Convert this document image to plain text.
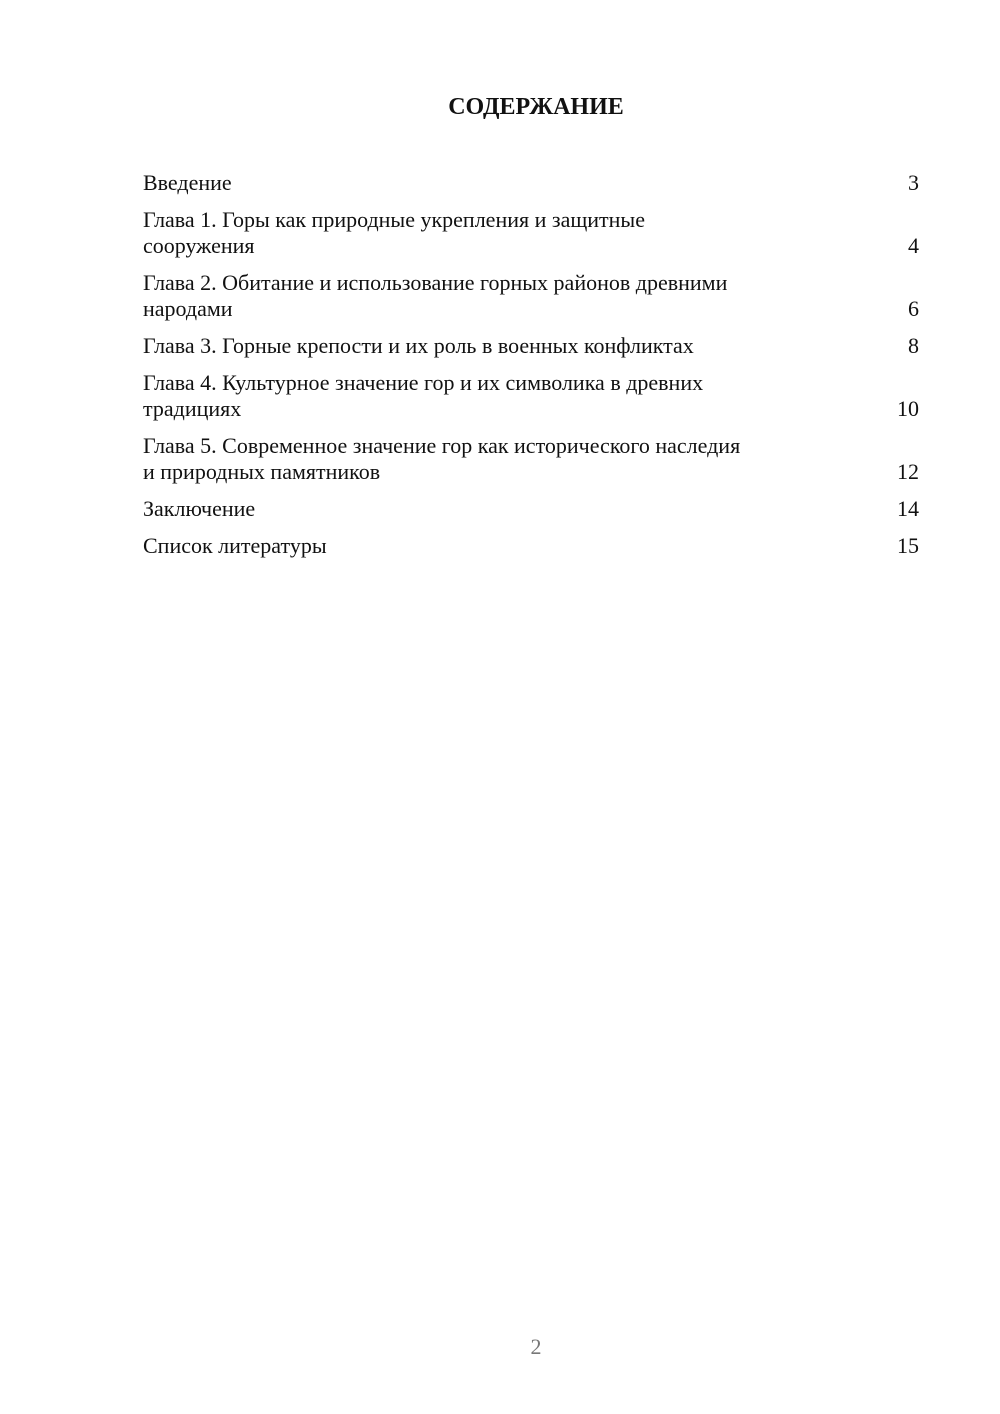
СОДЕРЖАНИЕ
Введение	3
Глава 1. Горы как природные укрепления и защитные
сооружения	4
Глава 2. Обитание и использование горных районов древними
народами	6
Глава 3. Горные крепости и их роль в военных конфликтах	8
Глава 4. Культурное значение гор и их символика в древних
традициях	10
Глава 5. Современное значение гор как исторического наследия
и природных памятников	12
Заключение	14
Список литературы	15
2
